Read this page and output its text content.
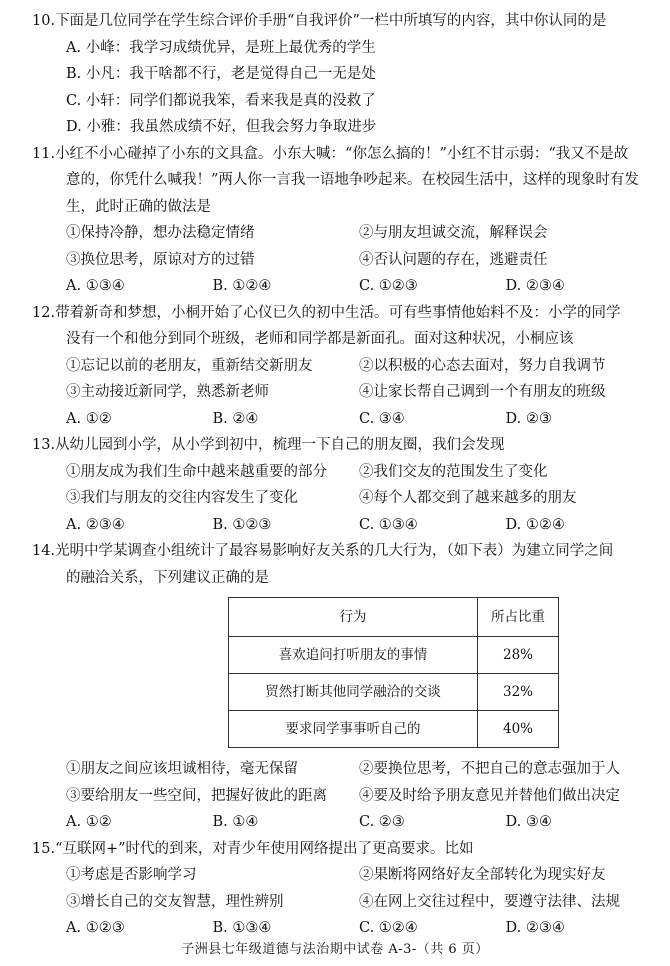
10. 下面是几位同学在学生综合评价手册“自我评价”一栏中所填写的内容，其中你认同的是
A. 小峰：我学习成绩优异，是班上最优秀的学生
B. 小凡：我干啥都不行，老是觉得自己一无是处
C. 小轩：同学们都说我笨，看来我是真的没救了
D. 小雅：我虽然成绩不好，但我会努力争取进步
11. 小红不小心碰掉了小东的文具盒。小东大喊：“你怎么搞的！”小红不甘示弱：“我又不是故
意的，你凭什么喊我！”两人你一言我一语地争吵起来。在校园生活中，这样的现象时有发
生，此时正确的做法是
①保持冷静，想办法稳定情绪	②与朋友坦诚交流，解释误会
③换位思考，原谅对方的过错	④否认问题的存在，逃避责任
A. ①③④	B. ①②④	C. ①②③	D. ②③④
12. 带着新奇和梦想，小桐开始了心仪已久的初中生活。可有些事情他始料不及：小学的同学
没有一个和他分到同个班级，老师和同学都是新面孔。面对这种状况，小桐应该
①忘记以前的老朋友，重新结交新朋友	②以积极的心态去面对，努力自我调节
③主动接近新同学，熟悉新老师	④让家长帮自己调到一个有朋友的班级
A. ①②	B. ②④	C. ③④	D. ②③
13. 从幼儿园到小学，从小学到初中，梳理一下自己的朋友圈，我们会发现
①朋友成为我们生命中越来越重要的部分	②我们交友的范围发生了变化
③我们与朋友的交往内容发生了变化	④每个人都交到了越来越多的朋友
A. ②③④	B. ①②③	C. ①③④	D. ①②④
14. 光明中学某调查小组统计了最容易影响好友关系的几大行为，（如下表）为建立同学之间
的融洽关系，下列建议正确的是
行为	所占比重
喜欢追问打听朋友的事情	28%
贸然打断其他同学融洽的交谈	32%
要求同学事事听自己的	40%
①朋友之间应该坦诚相待，毫无保留	②要换位思考，不把自己的意志强加于人
③要给朋友一些空间，把握好彼此的距离	④要及时给予朋友意见并替他们做出决定
A. ①②	B. ①④	C. ②③	D. ③④
15. “互联网+”时代的到来，对青少年使用网络提出了更高要求。比如
①考虑是否影响学习	②果断将网络好友全部转化为现实好友
③增长自己的交友智慧，理性辨别	④在网上交往过程中，要遵守法律、法规
A. ①②③	B. ①③④	C. ①②④	D. ②③④
子洲县七年级道德与法治期中试卷 A-3-（共 6 页）
